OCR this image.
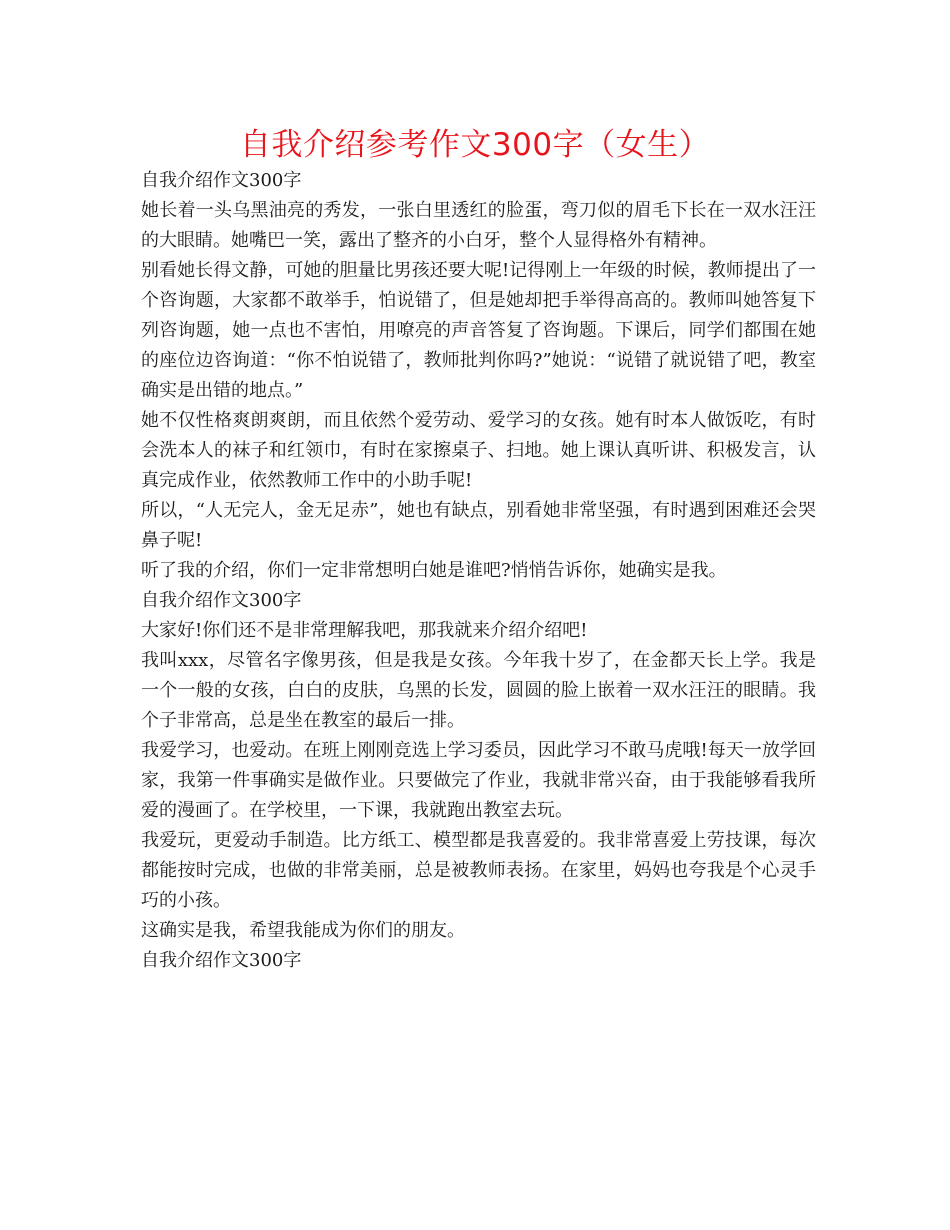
自我介绍参考作文300字（女生）

自我介绍作文300字

她长着一头乌黑油亮的秀发，一张白里透红的脸蛋，弯刀似的眉毛下长在一双水汪汪的大眼睛。她嘴巴一笑，露出了整齐的小白牙，整个人显得格外有精神。

别看她长得文静，可她的胆量比男孩还要大呢!记得刚上一年级的时候，教师提出了一个咨询题，大家都不敢举手，怕说错了，但是她却把手举得高高的。教师叫她答复下列咨询题，她一点也不害怕，用嘹亮的声音答复了咨询题。下课后，同学们都围在她的座位边咨询道：“你不怕说错了，教师批判你吗?”她说：“说错了就说错了吧，教室确实是出错的地点。”

她不仅性格爽朗爽朗，而且依然个爱劳动、爱学习的女孩。她有时本人做饭吃，有时会洗本人的袜子和红领巾，有时在家擦桌子、扫地。她上课认真听讲、积极发言，认真完成作业，依然教师工作中的小助手呢!

所以，“人无完人，金无足赤”，她也有缺点，别看她非常坚强，有时遇到困难还会哭鼻子呢!

听了我的介绍，你们一定非常想明白她是谁吧?悄悄告诉你，她确实是我。

自我介绍作文300字

大家好!你们还不是非常理解我吧，那我就来介绍介绍吧!

我叫xxx，尽管名字像男孩，但是我是女孩。今年我十岁了，在金都天长上学。我是一个一般的女孩，白白的皮肤，乌黑的长发，圆圆的脸上嵌着一双水汪汪的眼睛。我个子非常高，总是坐在教室的最后一排。

我爱学习，也爱动。在班上刚刚竞选上学习委员，因此学习不敢马虎哦!每天一放学回家，我第一件事确实是做作业。只要做完了作业，我就非常兴奋，由于我能够看我所爱的漫画了。在学校里，一下课，我就跑出教室去玩。

我爱玩，更爱动手制造。比方纸工、模型都是我喜爱的。我非常喜爱上劳技课，每次都能按时完成，也做的非常美丽，总是被教师表扬。在家里，妈妈也夸我是个心灵手巧的小孩。

这确实是我，希望我能成为你们的朋友。

自我介绍作文300字
